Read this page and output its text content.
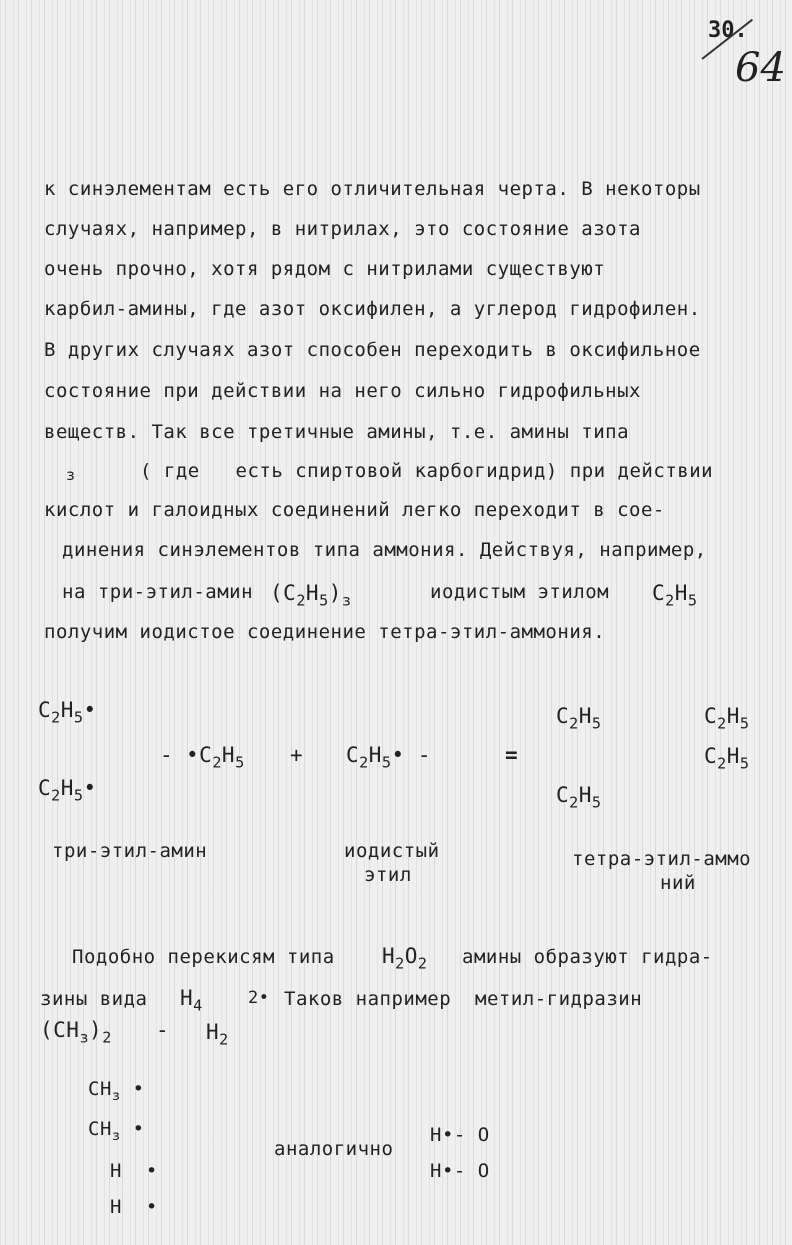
30.
64
к синэлементам есть его отличительная черта. В некоторы
случаях, например, в нитрилах, это состояние азота
очень прочно, хотя рядом с нитрилами существуют
карбил-амины, где азот оксифилен, а углерод гидрофилен.
В других случаях азот способен переходить в оксифильное
состояние при действии на него сильно гидрофильных
веществ. Так все третичные амины, т.е. амины типа
з	( где   есть спиртовой карбогидрид) при действии
кислот и галоидных соединений легко переходит в сое-
динения синэлементов типа аммония. Действуя, например,
на три-этил-амин $(C_2H_5)_з$	иодистым этилом $C_2H_5$
получим иодистое соединение тетра-этил-аммония.
$C_2H_5•$
$C_2H_5•$
- $•C_2H_5$ + $C_2H_5•$ -	=
$C_2H_5$
$C_2H_5$
$C_2H_5$
$C_2H_5$
три-этил-амин	иодистый
этил
тетра-этил-аммо
ний
Подобно перекисям типа $H_2O_2$ амины образуют гидра-
зины вида $H_4$	2• Таков например  метил-гидразин
$(CH_з)_2 - H_2$
$CH_з$ •
$CH_з$ •
H •
H •
аналогично
H•- O
H•- O
